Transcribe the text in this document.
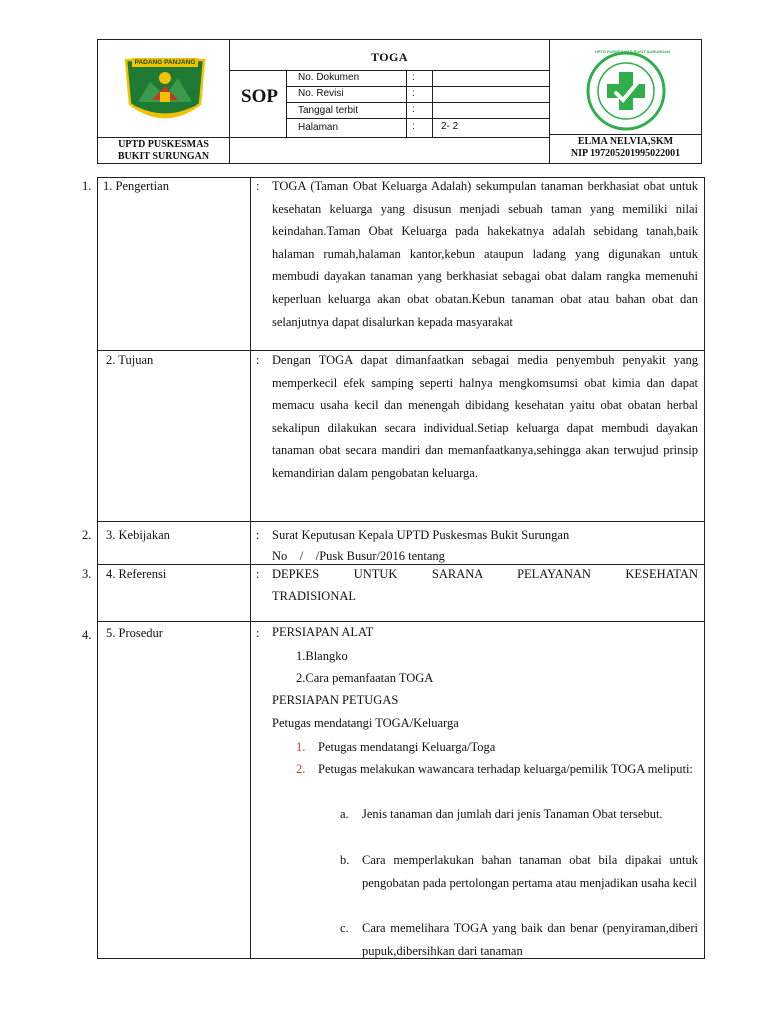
PADANG PANJANG	TOGA
SOP
No. Dokumen	:
No. Revisi	:
Tanggal terbit	:
Halaman	:	2- 2
UPTD PUSKESMAS
BUKIT SURUNGAN
UPTD PUSKESMAS BUKIT SURUNGAN
ELMA NELVIA,SKM
NIP 197205201995022001
1.
2.
3.
4.
1. Pengertian	: TOGA (Taman Obat Keluarga Adalah) sekumpulan tanaman berkhasiat obat untuk kesehatan keluarga yang disusun menjadi sebuah taman yang memiliki nilai keindahan.Taman Obat Keluarga pada hakekatnya adalah sebidang tanah,baik halaman rumah,halaman kantor,kebun ataupun ladang yang digunakan untuk membudi dayakan tanaman yang berkhasiat sebagai obat dalam rangka memenuhi keperluan keluarga akan obat obatan.Kebun tanaman obat atau bahan obat dan selanjutnya dapat disalurkan kepada masyarakat
2. Tujuan	: Dengan TOGA dapat dimanfaatkan sebagai media penyembuh penyakit yang memperkecil efek samping seperti halnya mengkomsumsi obat kimia dan dapat memacu usaha kecil dan menengah dibidang kesehatan yaitu obat obatan herbal sekalipun dilakukan secara individual.Setiap keluarga dapat membudi dayakan tanaman obat secara mandiri dan memanfaatkanya,sehingga akan terwujud prinsip kemandirian dalam pengobatan keluarga.
3. Kebijakan	: Surat Keputusan Kepala UPTD Puskesmas Bukit Surungan
No    /    /Pusk Busur/2016 tentang
4. Referensi	: DEPKES UNTUK SARANA PELAYANAN KESEHATAN
TRADISIONAL
5. Prosedur	: PERSIAPAN ALAT
1.Blangko
2.Cara pemanfaatan TOGA
PERSIAPAN PETUGAS
Petugas mendatangi TOGA/Keluarga
1. Petugas mendatangi Keluarga/Toga
2. Petugas melakukan wawancara terhadap keluarga/pemilik TOGA meliputi:
a. Jenis tanaman dan jumlah dari jenis Tanaman Obat tersebut.
b. Cara memperlakukan bahan tanaman obat bila dipakai untuk pengobatan pada pertolongan pertama atau menjadikan usaha kecil
c. Cara memelihara TOGA yang baik dan benar (penyiraman,diberi pupuk,dibersihkan dari tanaman
